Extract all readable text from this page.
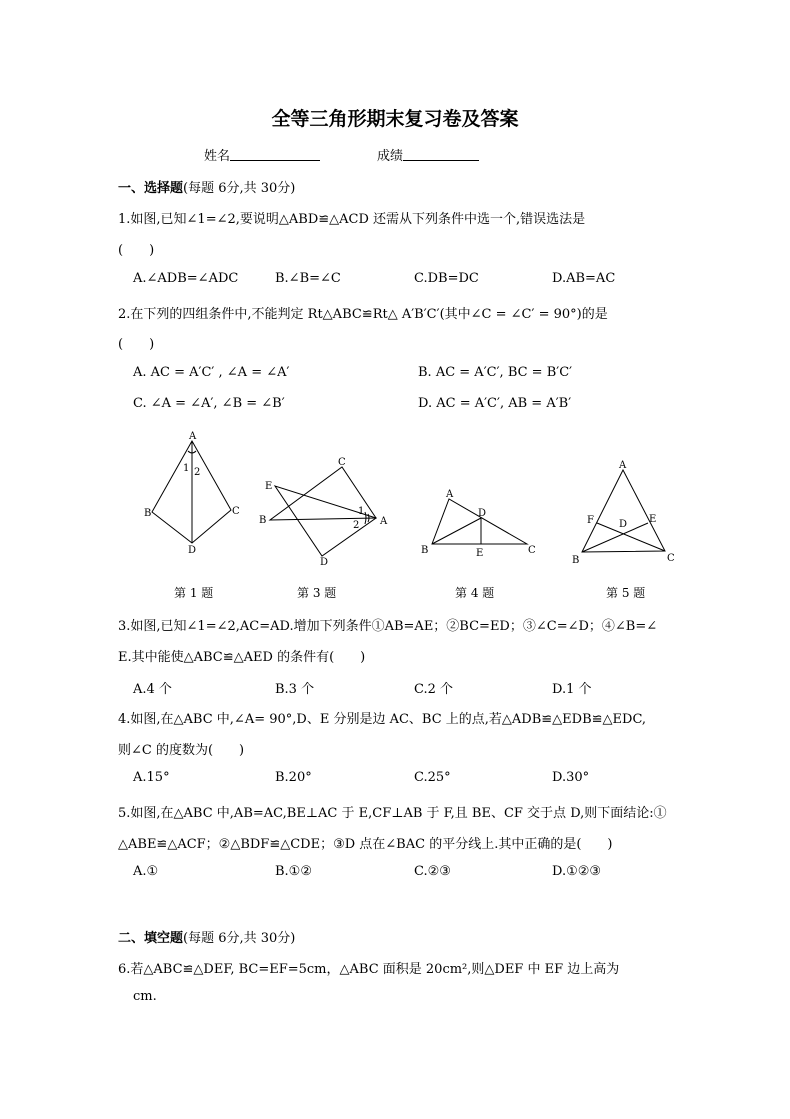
全等三角形期末复习卷及答案
姓名	成绩
一、选择题(每题 6分,共 30分)
1.如图,已知∠1=∠2,要说明△ABD≌△ACD 还需从下列条件中选一个,错误选法是
(　　)
A.∠ADB=∠ADC	B.∠B=∠C	C.DB=DC	D.AB=AC
2.在下列的四组条件中,不能判定 Rt△ABC≌Rt△ A′B′C′(其中∠C = ∠C′ = 90°)的是
(　　)
A. AC = A′C′ , ∠A = ∠A′	B. AC = A′C′, BC = B′C′
C. ∠A = ∠A′, ∠B = ∠B′	D. AC = A′C′, AB = A′B′
A
B	C
D
1 2
C
E
B	A
D
1
2
A
D
B	E	C
A
F	D E
B	C
第 1 题	第 3 题	第 4 题	第 5 题
3.如图,已知∠1=∠2,AC=AD.增加下列条件①AB=AE；②BC=ED；③∠C=∠D；④∠B=∠
E.其中能使△ABC≌△AED 的条件有(　　)
A.4 个	B.3 个	C.2 个	D.1 个
4.如图,在△ABC 中,∠A= 90°,D、E 分别是边 AC、BC 上的点,若△ADB≌△EDB≌△EDC,
则∠C 的度数为(　　)
A.15°	B.20°	C.25°	D.30°
5.如图,在△ABC 中,AB=AC,BE⊥AC 于 E,CF⊥AB 于 F,且 BE、CF 交于点 D,则下面结论:①
△ABE≌△ACF；②△BDF≌△CDE；③D 点在∠BAC 的平分线上.其中正确的是(　　)
A.①	B.①②	C.②③	D.①②③
二、填空题(每题 6分,共 30分)
6.若△ABC≌△DEF, BC=EF=5cm，△ABC 面积是 20cm²,则△DEF 中 EF 边上高为
cm.
